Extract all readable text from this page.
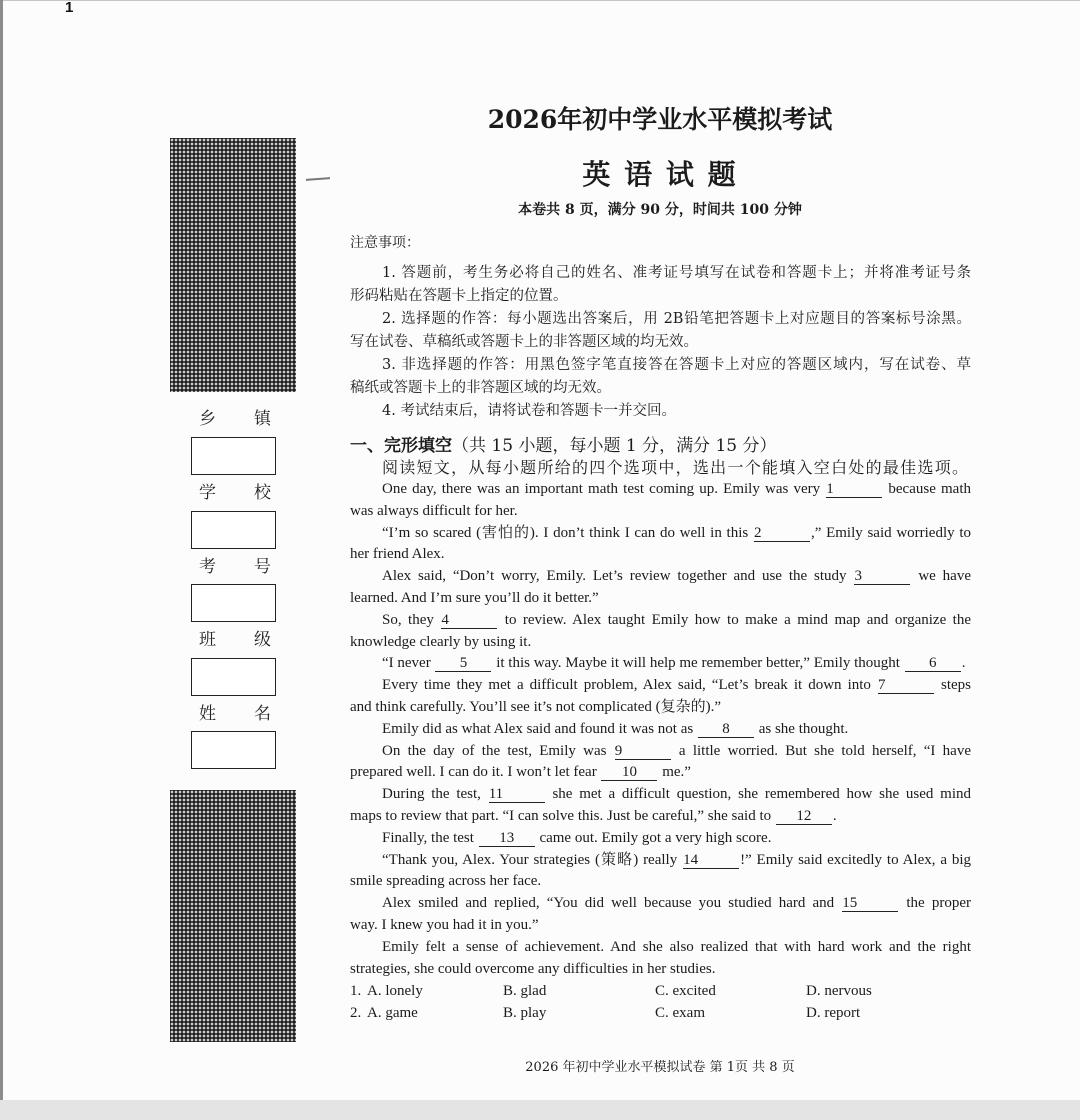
1
乡 镇
学 校
考 号
班 级
姓 名
2026年初中学业水平模拟考试
英 语 试 题
本卷共 8 页，满分 90 分，时间共 100 分钟
注意事项：
1. 答题前，考生务必将自己的姓名、准考证号填写在试卷和答题卡上；并将准考证号条
形码粘贴在答题卡上指定的位置。
2. 选择题的作答：每小题选出答案后，用 2B铅笔把答题卡上对应题目的答案标号涂黑。
写在试卷、草稿纸或答题卡上的非答题区域的均无效。
3. 非选择题的作答：用黑色签字笔直接答在答题卡上对应的答题区域内，写在试卷、草
稿纸或答题卡上的非答题区域的均无效。
4. 考试结束后，请将试卷和答题卡一并交回。
一、完形填空（共 15 小题，每小题 1 分，满分 15 分）
阅读短文，从每小题所给的四个选项中，选出一个能填入空白处的最佳选项。
One day, there was an important math test coming up. Emily was very 1	because math
was always difficult for her.
“I’m so scared (害怕的). I don’t think I can do well in this 2	,” Emily said worriedly to
her friend Alex.
Alex said, “Don’t worry, Emily. Let’s review together and use the study 3	we have
learned. And I’m sure you’ll do it better.”
So, they 4	to review. Alex taught Emily how to make a mind map and organize the
knowledge clearly by using it.
“I never 5 it this way. Maybe it will help me remember better,” Emily thought 6 .
Every time they met a difficult problem, Alex said, “Let’s break it down into 7	steps
and think carefully. You’ll see it’s not complicated (复杂的).”
Emily did as what Alex said and found it was not as 8 as she thought.
On the day of the test, Emily was 9	a little worried. But she told herself, “I have
prepared well. I can do it. I won’t let fear 10 me.”
During the test, 11	she met a difficult question, she remembered how she used mind
maps to review that part. “I can solve this. Just be careful,” she said to 12 .
Finally, the test 13 came out. Emily got a very high score.
“Thank you, Alex. Your strategies (策略) really 14	!” Emily said excitedly to Alex, a big
smile spreading across her face.
Alex smiled and replied, “You did well because you studied hard and 15	the proper
way. I knew you had it in you.”
Emily felt a sense of achievement. And she also realized that with hard work and the right
strategies, she could overcome any difficulties in her studies.
1. A. lonely	B. glad	C. excited	D. nervous
2. A. game	B. play	C. exam	D. report
2026 年初中学业水平模拟试卷 第 1页 共 8 页
